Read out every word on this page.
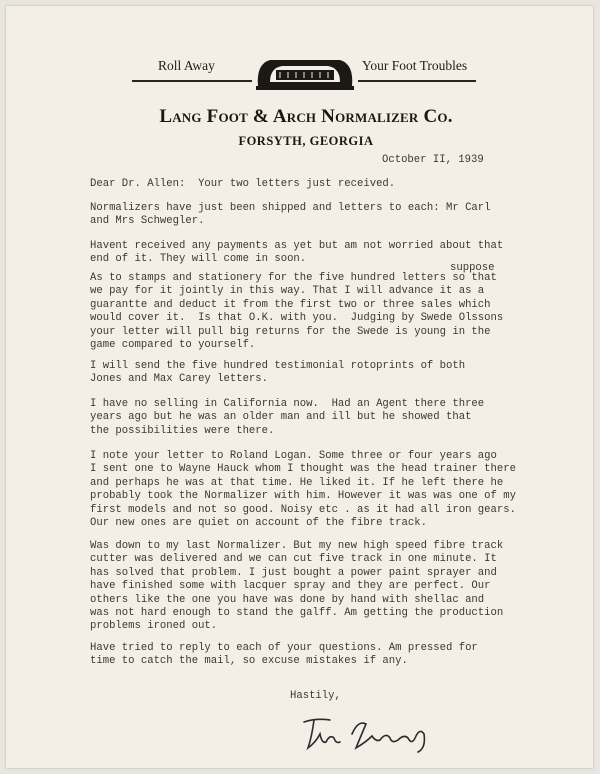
Roll Away	Your Foot Troubles
Lang Foot & Arch Normalizer Co.
FORSYTH, GEORGIA
October II, 1939
Dear Dr. Allen:  Your two letters just received.
Normalizers have just been shipped and letters to each: Mr Carl
and Mrs Schwegler.
Havent received any payments as yet but am not worried about that
end of it. They will come in soon.
suppose
As to stamps and stationery for the five hundred letters so that
we pay for it jointly in this way. That I will advance it as a
guarantte and deduct it from the first two or three sales which
would cover it.  Is that O.K. with you.  Judging by Swede Olssons
your letter will pull big returns for the Swede is young in the
game compared to yourself.
I will send the five hundred testimonial rotoprints of both
Jones and Max Carey letters.
I have no selling in California now.  Had an Agent there three
years ago but he was an older man and ill but he showed that
the possibilities were there.
I note your letter to Roland Logan. Some three or four years ago
I sent one to Wayne Hauck whom I thought was the head trainer there
and perhaps he was at that time. He liked it. If he left there he
probably took the Normalizer with him. However it was was one of my
first models and not so good. Noisy etc . as it had all iron gears.
Our new ones are quiet on account of the fibre track.
Was down to my last Normalizer. But my new high speed fibre track
cutter was delivered and we can cut five track in one minute. It
has solved that problem. I just bought a power paint sprayer and
have finished some with lacquer spray and they are perfect. Our
others like the one you have was done by hand with shellac and
was not hard enough to stand the galff. Am getting the production
problems ironed out.
Have tried to reply to each of your questions. Am pressed for
time to catch the mail, so excuse mistakes if any.
Hastily,
